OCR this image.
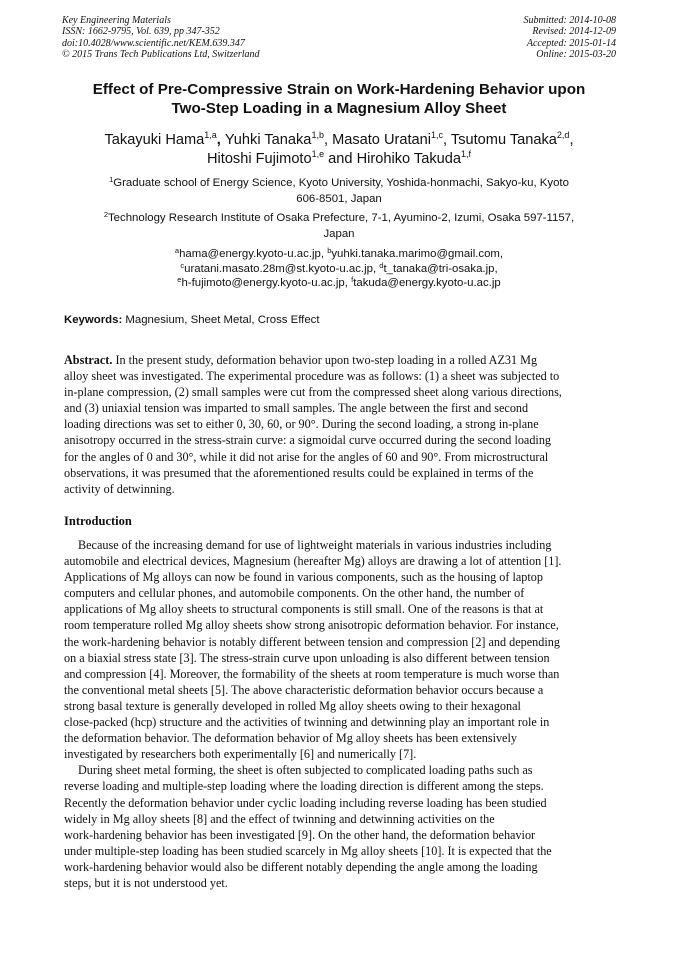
Key Engineering Materials
ISSN: 1662-9795, Vol. 639, pp 347-352
doi:10.4028/www.scientific.net/KEM.639.347
© 2015 Trans Tech Publications Ltd, Switzerland
Submitted: 2014-10-08
Revised: 2014-12-09
Accepted: 2015-01-14
Online: 2015-03-20
Effect of Pre-Compressive Strain on Work-Hardening Behavior upon
Two-Step Loading in a Magnesium Alloy Sheet
Takayuki Hama$^{1,a}$, Yuhki Tanaka$^{1,b}$, Masato Uratani$^{1,c}$, Tsutomu Tanaka$^{2,d}$,
Hitoshi Fujimoto$^{1,e}$ and Hirohiko Takuda$^{1,f}$
$^1$Graduate school of Energy Science, Kyoto University, Yoshida-honmachi, Sakyo-ku, Kyoto
606-8501, Japan
$^2$Technology Research Institute of Osaka Prefecture, 7-1, Ayumino-2, Izumi, Osaka 597-1157,
Japan
$^a$hama@energy.kyoto-u.ac.jp, $^b$yuhki.tanaka.marimo@gmail.com,
$^c$uratani.masato.28m@st.kyoto-u.ac.jp, $^d$t_tanaka@tri-osaka.jp,
$^e$h-fujimoto@energy.kyoto-u.ac.jp, $^f$takuda@energy.kyoto-u.ac.jp
Keywords: Magnesium, Sheet Metal, Cross Effect
Abstract. In the present study, deformation behavior upon two-step loading in a rolled AZ31 Mg
alloy sheet was investigated. The experimental procedure was as follows: (1) a sheet was subjected to
in-plane compression, (2) small samples were cut from the compressed sheet along various directions,
and (3) uniaxial tension was imparted to small samples. The angle between the first and second
loading directions was set to either 0, 30, 60, or 90°. During the second loading, a strong in-plane
anisotropy occurred in the stress-strain curve: a sigmoidal curve occurred during the second loading
for the angles of 0 and 30°, while it did not arise for the angles of 60 and 90°. From microstructural
observations, it was presumed that the aforementioned results could be explained in terms of the
activity of detwinning.
Introduction
Because of the increasing demand for use of lightweight materials in various industries including
automobile and electrical devices, Magnesium (hereafter Mg) alloys are drawing a lot of attention [1].
Applications of Mg alloys can now be found in various components, such as the housing of laptop
computers and cellular phones, and automobile components. On the other hand, the number of
applications of Mg alloy sheets to structural components is still small. One of the reasons is that at
room temperature rolled Mg alloy sheets show strong anisotropic deformation behavior. For instance,
the work-hardening behavior is notably different between tension and compression [2] and depending
on a biaxial stress state [3]. The stress-strain curve upon unloading is also different between tension
and compression [4]. Moreover, the formability of the sheets at room temperature is much worse than
the conventional metal sheets [5]. The above characteristic deformation behavior occurs because a
strong basal texture is generally developed in rolled Mg alloy sheets owing to their hexagonal
close-packed (hcp) structure and the activities of twinning and detwinning play an important role in
the deformation behavior. The deformation behavior of Mg alloy sheets has been extensively
investigated by researchers both experimentally [6] and numerically [7].
During sheet metal forming, the sheet is often subjected to complicated loading paths such as
reverse loading and multiple-step loading where the loading direction is different among the steps.
Recently the deformation behavior under cyclic loading including reverse loading has been studied
widely in Mg alloy sheets [8] and the effect of twinning and detwinning activities on the
work-hardening behavior has been investigated [9]. On the other hand, the deformation behavior
under multiple-step loading has been studied scarcely in Mg alloy sheets [10]. It is expected that the
work-hardening behavior would also be different notably depending the angle among the loading
steps, but it is not understood yet.
